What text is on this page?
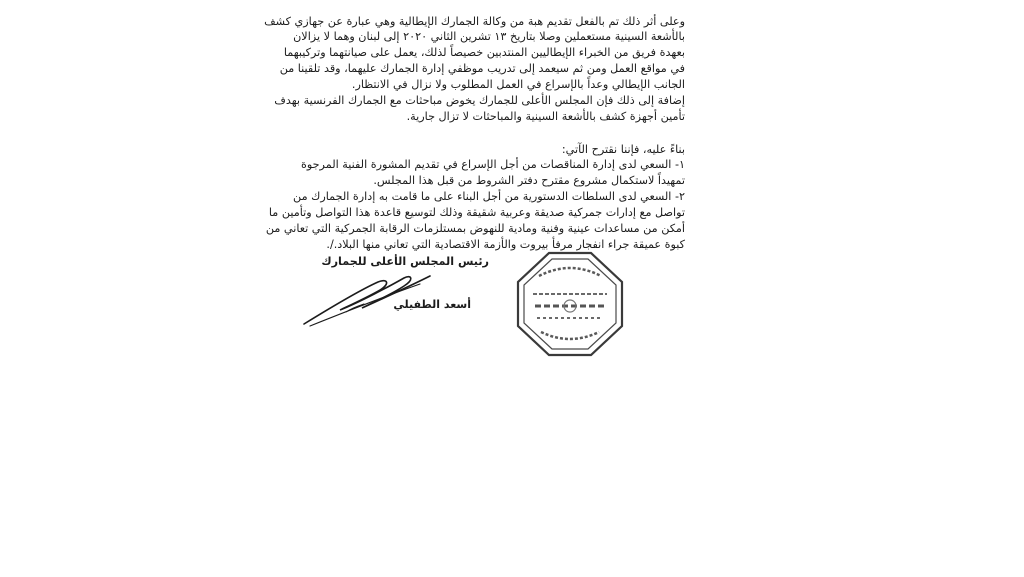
وعلى أثر ذلك تم بالفعل تقديم هبة من وكالة الجمارك الإيطالية وهي عبارة عن جهازي كشف
بالأشعة السينية مستعملين وصلا بتاريخ ١٣ تشرين الثاني ٢٠٢٠ إلى لبنان وهما لا يزالان
بعهدة فريق من الخبراء الإيطاليين المنتدبين خصيصاً لذلك، يعمل على صيانتهما وتركيبهما
في مواقع العمل ومن ثم سيعمد إلى تدريب موظفي إدارة الجمارك عليهما، وقد تلقينا من
الجانب الإيطالي وعداً بالإسراع في العمل المطلوب ولا نزال في الانتظار.
إضافة إلى ذلك فإن المجلس الأعلى للجمارك يخوض مباحثات مع الجمارك الفرنسية بهدف
تأمين أجهزة كشف بالأشعة السينية والمباحثات لا تزال جارية.
بناءً عليه، فإننا نقترح الآتي:
١- السعي لدى إدارة المناقصات من أجل الإسراع في تقديم المشورة الفنية المرجوة
تمهيداً لاستكمال مشروع مقترح دفتر الشروط من قبل هذا المجلس.
٢- السعي لدى السلطات الدستورية من أجل البناء على ما قامت به إدارة الجمارك من
تواصل مع إدارات جمركية صديقة وعربية شقيقة وذلك لتوسيع قاعدة هذا التواصل وتأمين ما
أمكن من مساعدات عينية وفنية ومادية للنهوض بمستلزمات الرقابة الجمركية التي تعاني من
كبوة عميقة جراء انفجار مرفأ بيروت والأزمة الاقتصادية التي تعاني منها البلاد./.
رئيس المجلس الأعلى للجمارك
أسعد الطفيلي
